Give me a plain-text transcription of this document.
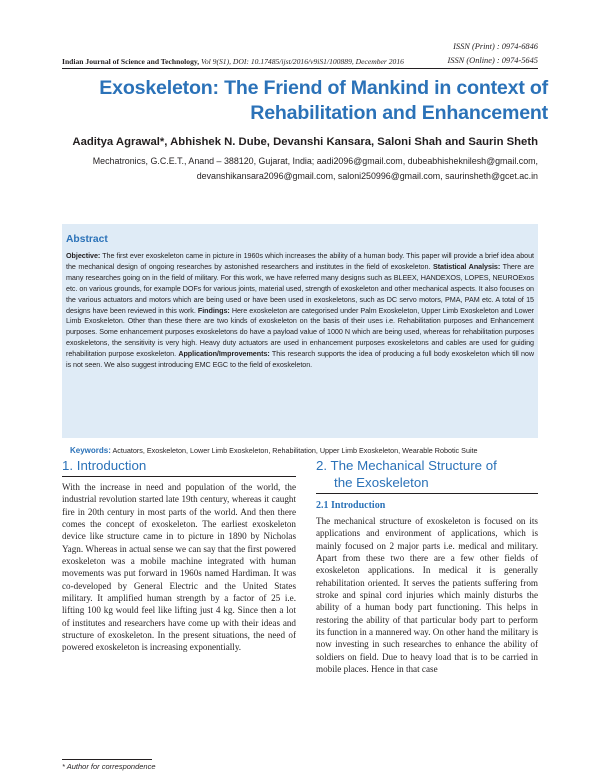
ISSN (Print) : 0974-6846
ISSN (Online) : 0974-5645
Indian Journal of Science and Technology, Vol 9(S1), DOI: 10.17485/ijst/2016/v9iS1/100889, December 2016
Exoskeleton: The Friend of Mankind in context of
Rehabilitation and Enhancement
Aaditya Agrawal*, Abhishek N. Dube, Devanshi Kansara, Saloni Shah and Saurin Sheth
Mechatronics, G.C.E.T., Anand – 388120, Gujarat, India; aadi2096@gmail.com, dubeabhisheknilesh@gmail.com,
devanshikansara2096@gmail.com, saloni250996@gmail.com, saurinsheth@gcet.ac.in
Abstract
Objective: The first ever exoskeleton came in picture in 1960s which increases the ability of a human body. This paper will provide a brief idea about the mechanical design of ongoing researches by astonished researchers and institutes in the field of exoskeleton. Statistical Analysis: There are many researches going on in the field of military. For this work, we have referred many designs such as BLEEX, HANDEXOS, LOPES, NEUROExos etc. on various grounds, for example DOFs for various joints, material used, strength of exoskeleton and other mechanical aspects. It also focuses on the various actuators and motors which are being used or have been used in exoskeletons, such as DC servo motors, PMA, PAM etc. A total of 15 designs have been reviewed in this work. Findings: Here exoskeleton are categorised under Palm Exoskeleton, Upper Limb Exoskeleton and Lower Limb Exoskeleton. Other than these there are two kinds of exoskeleton on the basis of their uses i.e. Rehabilitation purposes and Enhancement purposes. Some enhancement purposes exoskeletons do have a payload value of 1000 N which are being used, whereas for rehabilitation purposes exoskeletons, the sensitivity is very high. Heavy duty actuators are used in enhancement purposes exoskeletons and cables are used for guiding rehabilitation purpose exoskeleton. Application/Improvements: This research supports the idea of producing a full body exoskeleton which till now is not seen. We also suggest introducing EMC EGC to the field of exoskeleton.
Keywords: Actuators, Exoskeleton, Lower Limb Exoskeleton, Rehabilitation, Upper Limb Exoskeleton, Wearable Robotic Suite
1. Introduction
With the increase in need and population of the world, the industrial revolution started late 19th century, whereas it caught fire in 20th century in most parts of the world. And then there comes the concept of exoskeleton. The earliest exoskeleton device like structure came in to picture in 1890 by Nicholas Yagn. Whereas in actual sense we can say that the first powered exoskeleton was a mobile machine integrated with human movements was put forward in 1960s named Hardiman. It was co-developed by General Electric and the United States military. It amplified human strength by a factor of 25 i.e. lifting 100 kg would feel like lifting just 4 kg. Since then a lot of institutes and researchers have come up with their ideas and structure of exoskeleton. In the present situations, the need of powered exoskeleton is increasing exponentially.
2. The Mechanical Structure of
the Exoskeleton
2.1 Introduction
The mechanical structure of exoskeleton is focused on its applications and environment of applications, which is mainly focused on 2 major parts i.e. medical and military. Apart from these two there are a few other fields of exoskeleton applications. In medical it is generally rehabilitation oriented. It serves the patients suffering from stroke and spinal cord injuries which mainly disturbs the ability of a human body part functioning. This helps in restoring the ability of that particular body part to perform its function in a mannered way. On other hand the military is now investing in such researches to enhance the ability of soldiers on field. Due to heavy load that is to be carried in mobile places. Hence in that case
* Author for correspondence
